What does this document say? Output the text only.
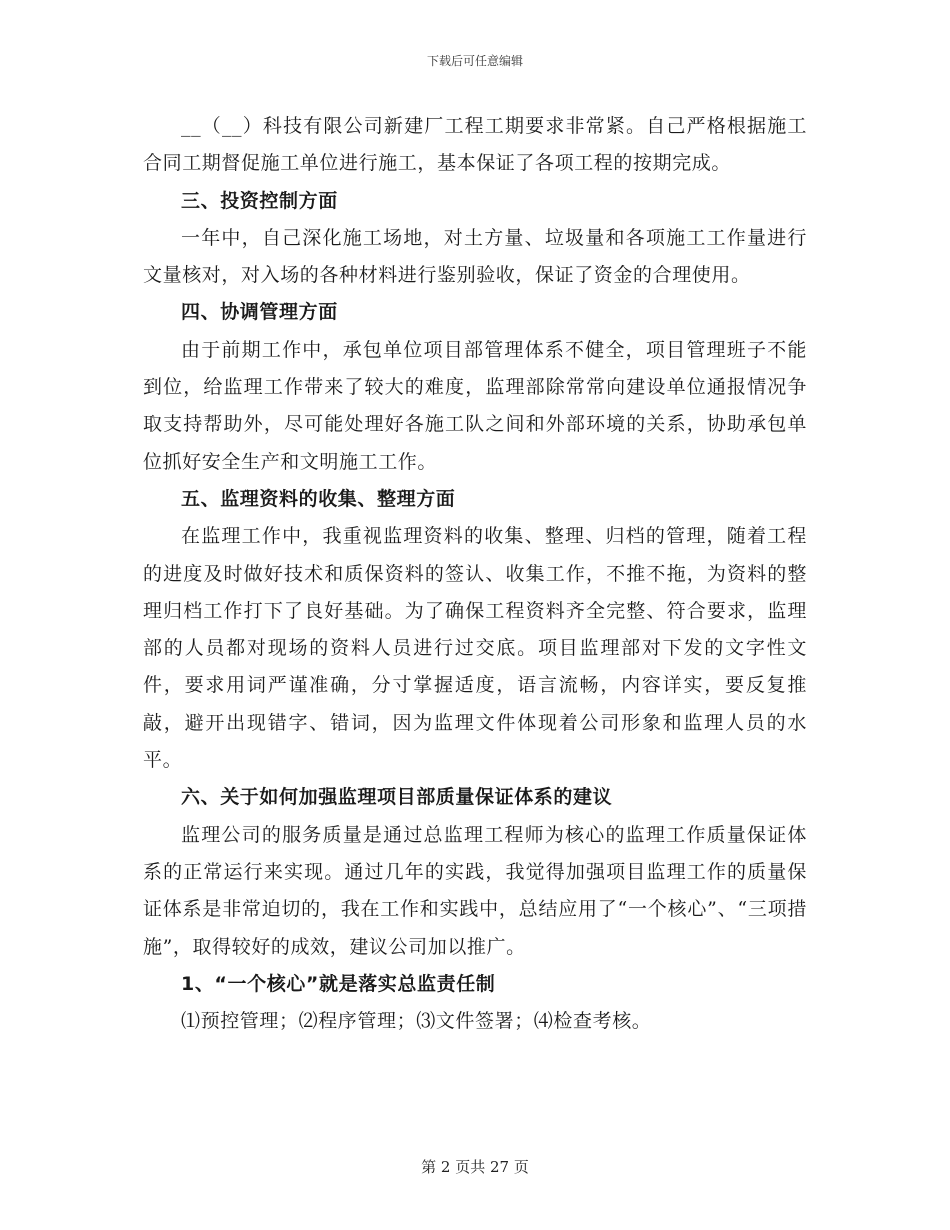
下载后可任意编辑

__（__）科技有限公司新建厂工程工期要求非常紧。自己严格根据施工合同工期督促施工单位进行施工，基本保证了各项工程的按期完成。

三、投资控制方面

一年中，自己深化施工场地，对土方量、垃圾量和各项施工工作量进行文量核对，对入场的各种材料进行鉴别验收，保证了资金的合理使用。

四、协调管理方面

由于前期工作中，承包单位项目部管理体系不健全，项目管理班子不能到位，给监理工作带来了较大的难度，监理部除常常向建设单位通报情况争取支持帮助外，尽可能处理好各施工队之间和外部环境的关系，协助承包单位抓好安全生产和文明施工工作。

五、监理资料的收集、整理方面

在监理工作中，我重视监理资料的收集、整理、归档的管理，随着工程的进度及时做好技术和质保资料的签认、收集工作，不推不拖，为资料的整理归档工作打下了良好基础。为了确保工程资料齐全完整、符合要求，监理部的人员都对现场的资料人员进行过交底。项目监理部对下发的文字性文件，要求用词严谨准确，分寸掌握适度，语言流畅，内容详实，要反复推敲，避开出现错字、错词，因为监理文件体现着公司形象和监理人员的水平。

六、关于如何加强监理项目部质量保证体系的建议

监理公司的服务质量是通过总监理工程师为核心的监理工作质量保证体系的正常运行来实现。通过几年的实践，我觉得加强项目监理工作的质量保证体系是非常迫切的，我在工作和实践中，总结应用了“一个核心”、“三项措施”，取得较好的成效，建议公司加以推广。

1、“一个核心”就是落实总监责任制

⑴预控管理；⑵程序管理；⑶文件签署；⑷检查考核。

第 2 页共 27 页
